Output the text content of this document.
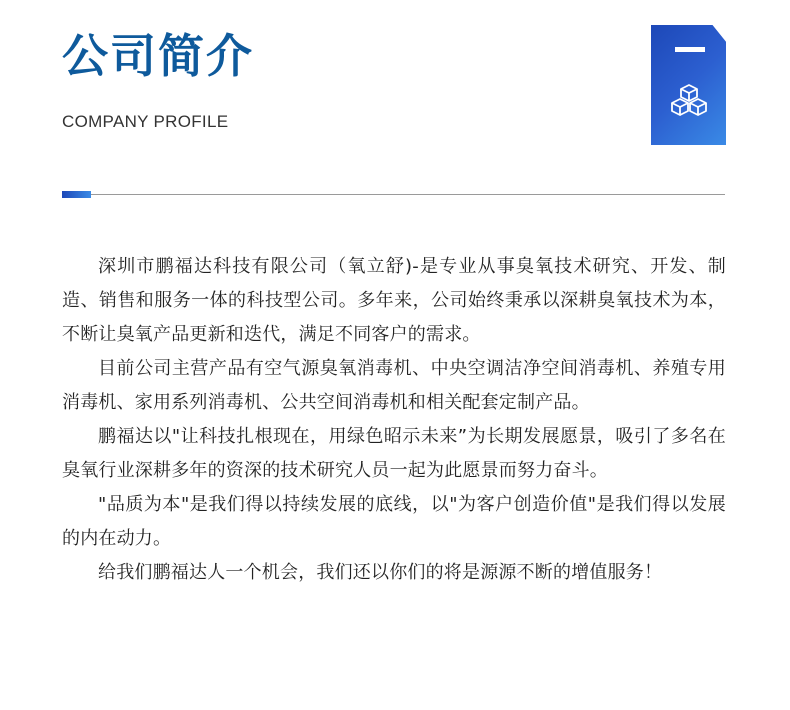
公司简介
COMPANY PROFILE

深圳市鹏福达科技有限公司（氧立舒)-是专业从事臭氧技术研究、开发、制造、销售和服务一体的科技型公司。多年来，公司始终秉承以深耕臭氧技术为本，不断让臭氧产品更新和迭代，满足不同客户的需求。

目前公司主营产品有空气源臭氧消毒机、中央空调洁净空间消毒机、养殖专用消毒机、家用系列消毒机、公共空间消毒机和相关配套定制产品。

鹏福达以"让科技扎根现在，用绿色昭示未来”为长期发展愿景，吸引了多名在臭氧行业深耕多年的资深的技术研究人员一起为此愿景而努力奋斗。

"品质为本"是我们得以持续发展的底线，以"为客户创造价值"是我们得以发展的内在动力。

给我们鹏福达人一个机会，我们还以你们的将是源源不断的增值服务！
